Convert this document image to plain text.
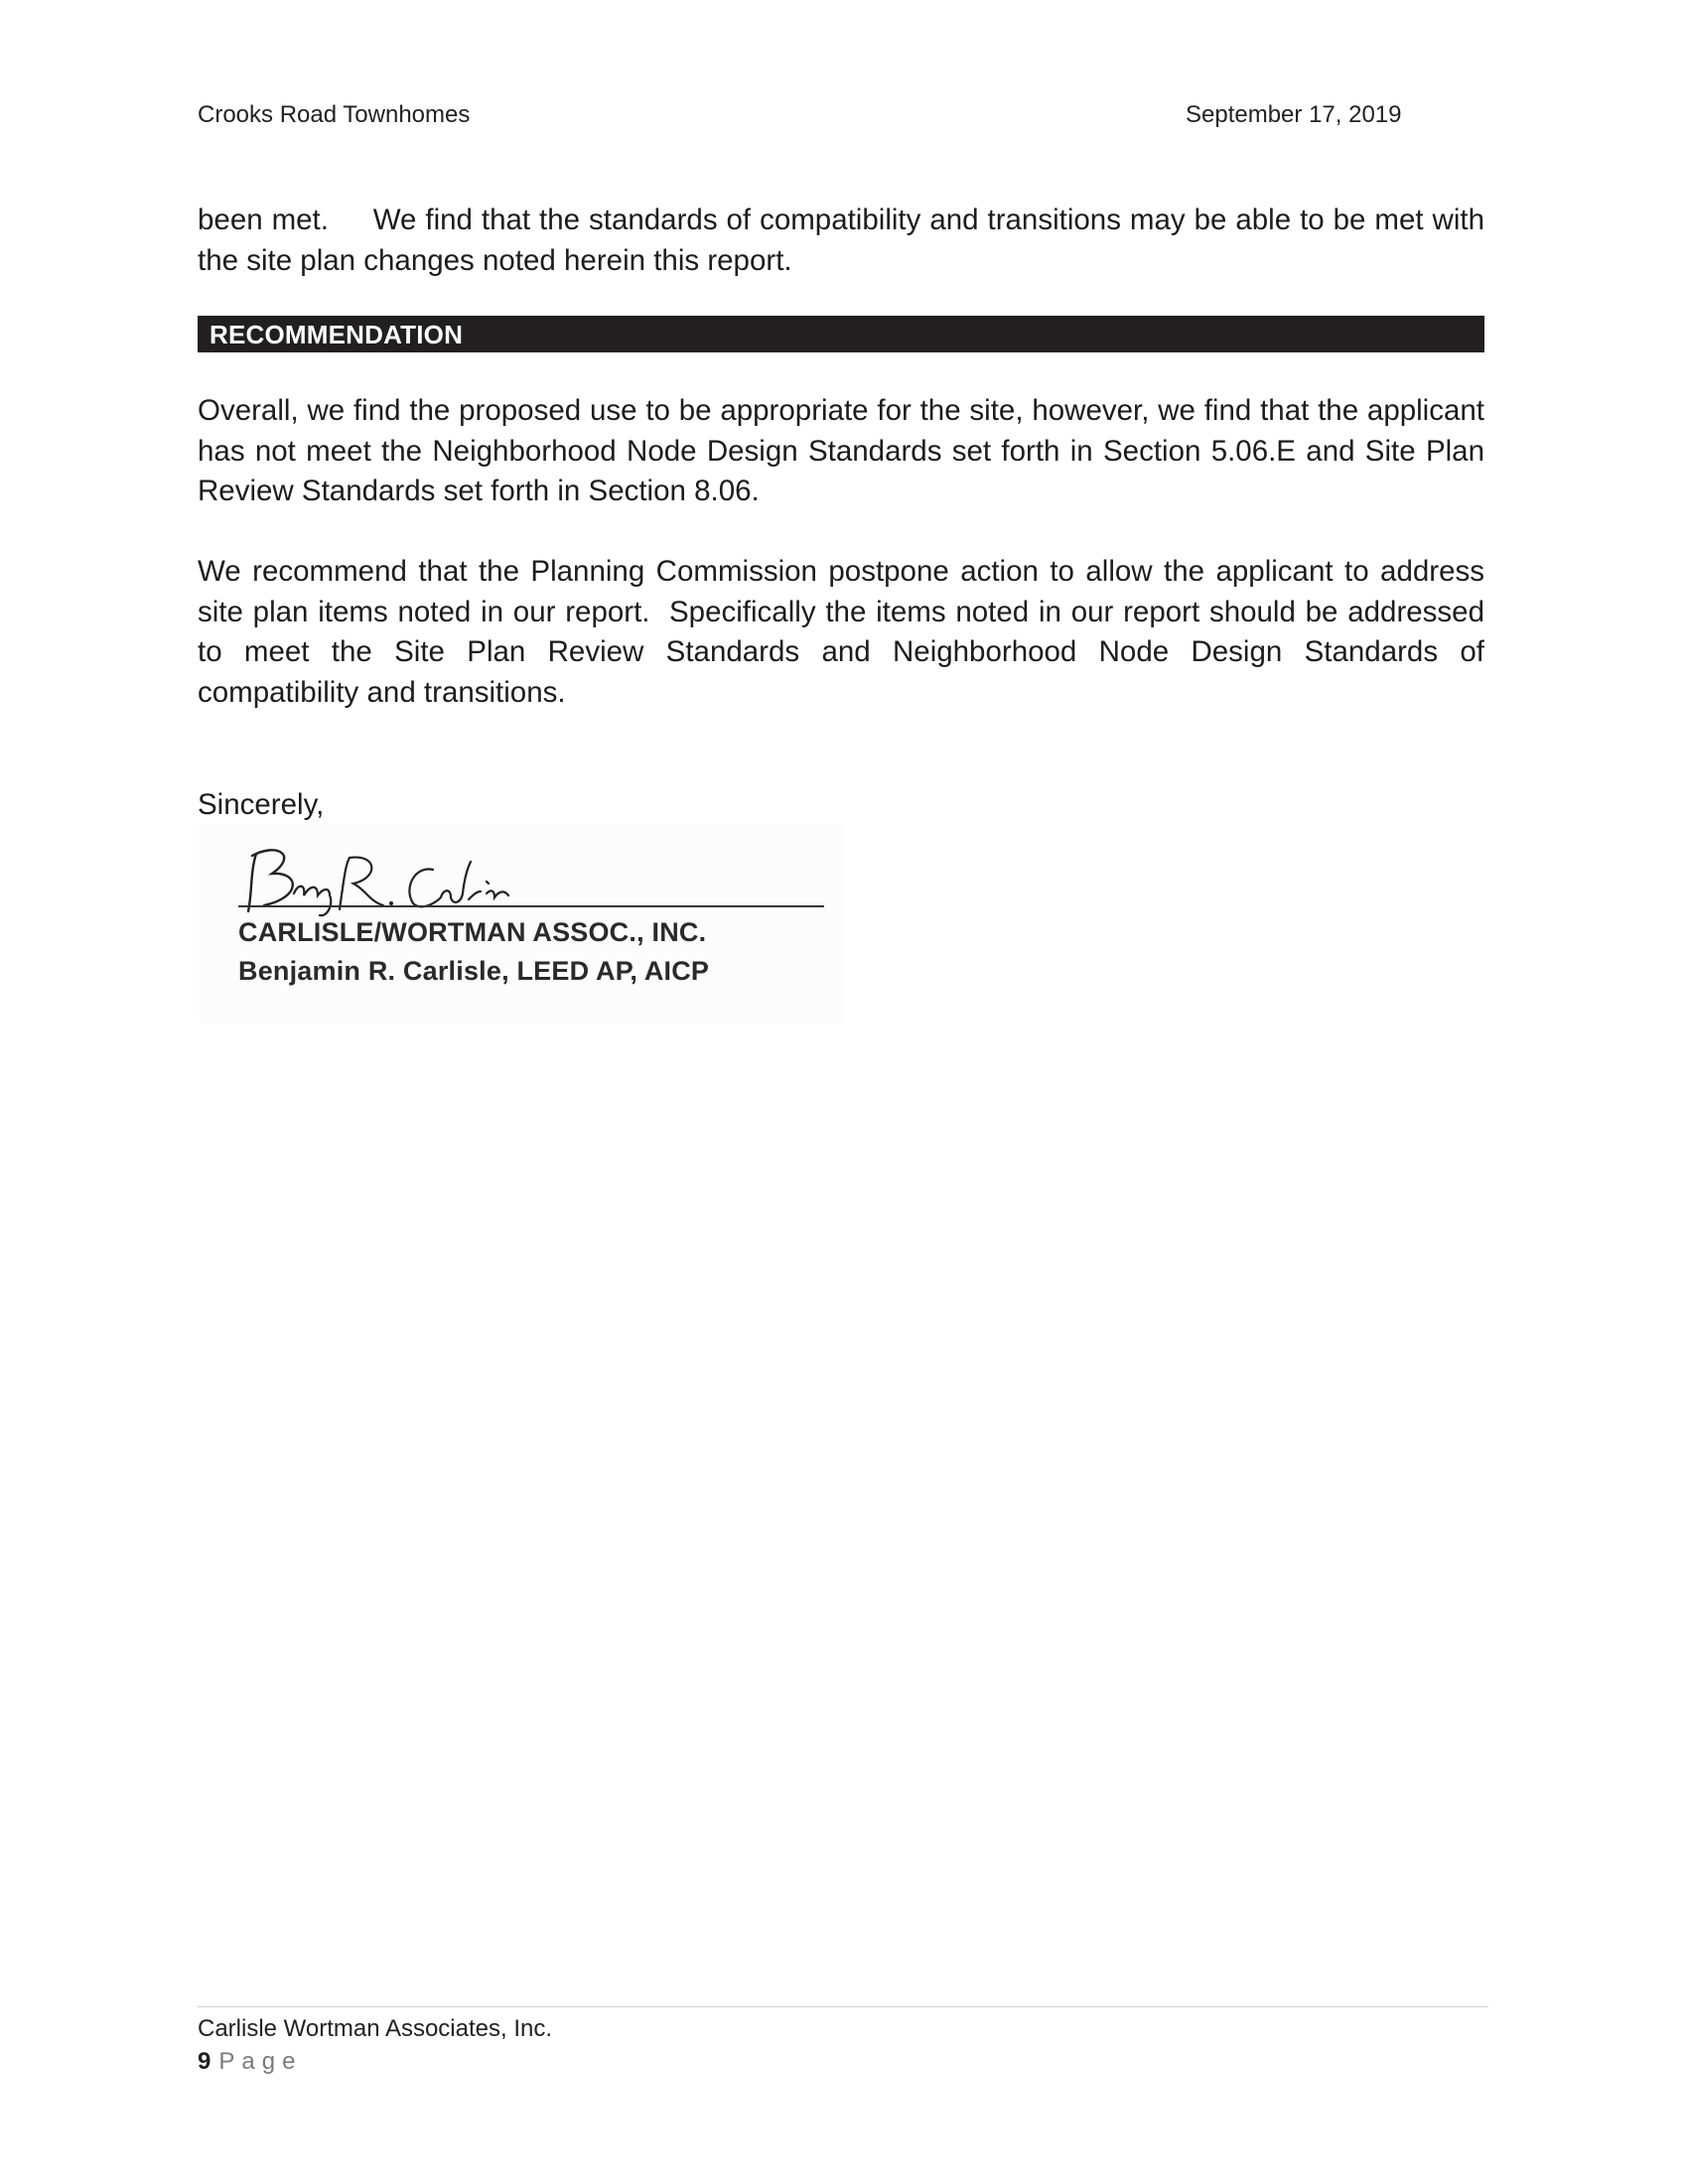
Crooks Road Townhomes	September 17, 2019

been met.     We find that the standards of compatibility and transitions may be able to be met with the site plan changes noted herein this report.

RECOMMENDATION

Overall, we find the proposed use to be appropriate for the site, however, we find that the applicant has not meet the Neighborhood Node Design Standards set forth in Section 5.06.E and Site Plan Review Standards set forth in Section 8.06.

We recommend that the Planning Commission postpone action to allow the applicant to address site plan items noted in our report.  Specifically the items noted in our report should be addressed to meet the Site Plan Review Standards and Neighborhood Node Design Standards of compatibility and transitions.

Sincerely,
CARLISLE/WORTMAN ASSOC., INC.
Benjamin R. Carlisle, LEED AP, AICP
Carlisle Wortman Associates, Inc.
9 Page
